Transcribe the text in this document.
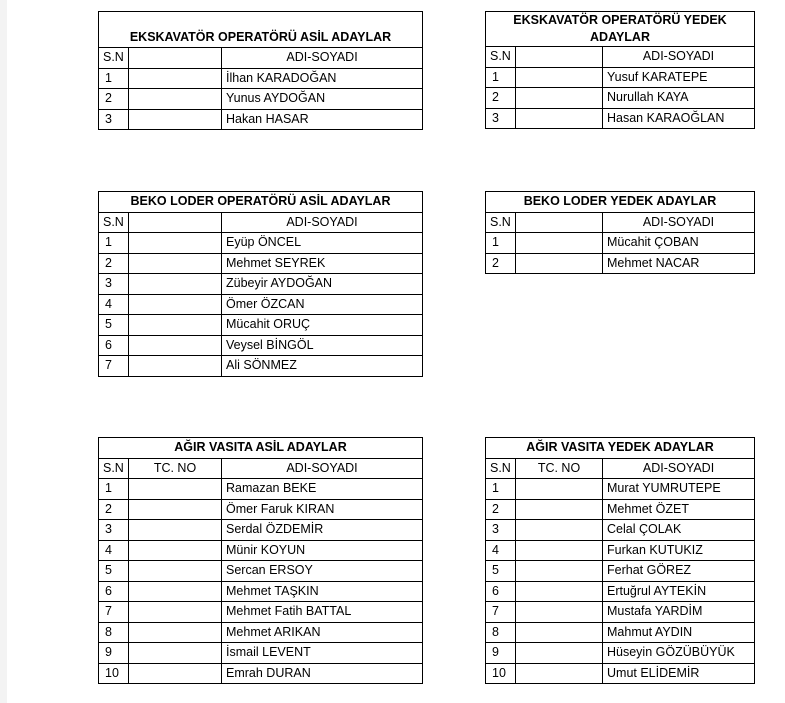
EKSKAVATÖR OPERATÖRÜ ASİL ADAYLAR		
S.N		ADI-SOYADI
1		İlhan KARADOĞAN
2		Yunus AYDOĞAN
3		Hakan HASAR
EKSKAVATÖR OPERATÖRÜ YEDEK ADAYLAR		
S.N		ADI-SOYADI
1		Yusuf KARATEPE
2		Nurullah KAYA
3		Hasan KARAOĞLAN
BEKO LODER OPERATÖRÜ ASİL ADAYLAR		
S.N		ADI-SOYADI
1		Eyüp ÖNCEL
2		Mehmet SEYREK
3		Zübeyir AYDOĞAN
4		Ömer ÖZCAN
5		Mücahit ORUÇ
6		Veysel BİNGÖL
7		Ali SÖNMEZ
BEKO LODER YEDEK ADAYLAR		
S.N		ADI-SOYADI
1		Mücahit ÇOBAN
2		Mehmet NACAR
AĞIR VASITA ASİL ADAYLAR		
S.N	TC. NO	ADI-SOYADI
1		Ramazan BEKE
2		Ömer Faruk KIRAN
3		Serdal ÖZDEMİR
4		Münir KOYUN
5		Sercan ERSOY
6		Mehmet TAŞKIN
7		Mehmet Fatih BATTAL
8		Mehmet ARIKAN
9		İsmail LEVENT
10		Emrah DURAN
AĞIR VASITA YEDEK ADAYLAR		
S.N	TC. NO	ADI-SOYADI
1		Murat YUMRUTEPE
2		Mehmet ÖZET
3		Celal ÇOLAK
4		Furkan KUTUKIZ
5		Ferhat GÖREZ
6		Ertuğrul AYTEKİN
7		Mustafa YARDİM
8		Mahmut AYDIN
9		Hüseyin GÖZÜBÜYÜK
10		Umut ELİDEMİR
